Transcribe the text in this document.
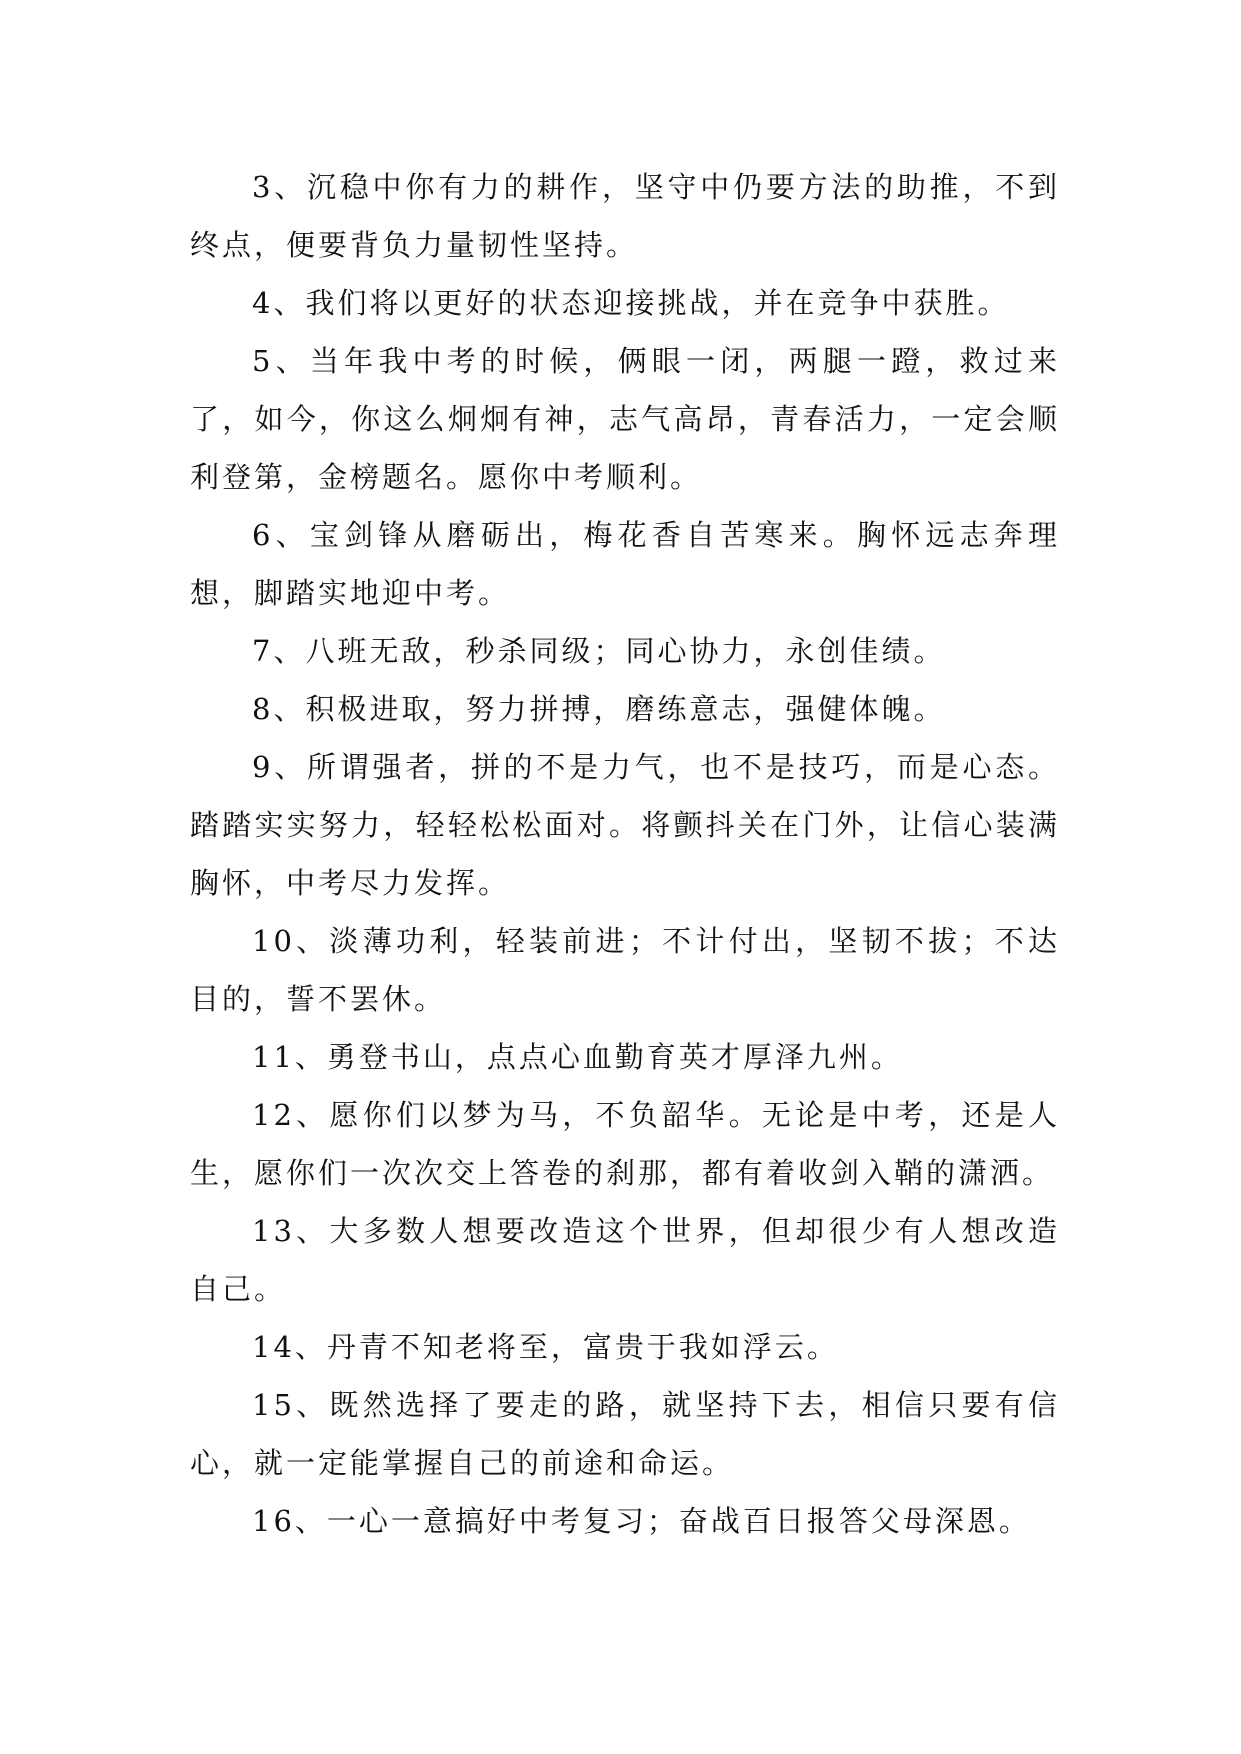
3、沉稳中你有力的耕作，坚守中仍要方法的助推，不到终点，便要背负力量韧性坚持。

4、我们将以更好的状态迎接挑战，并在竞争中获胜。

5、当年我中考的时候，俩眼一闭，两腿一蹬，救过来了，如今，你这么炯炯有神，志气高昂，青春活力，一定会顺利登第，金榜题名。愿你中考顺利。

6、宝剑锋从磨砺出，梅花香自苦寒来。胸怀远志奔理想，脚踏实地迎中考。

7、八班无敌，秒杀同级；同心协力，永创佳绩。

8、积极进取，努力拼搏，磨练意志，强健体魄。

9、所谓强者，拼的不是力气，也不是技巧，而是心态。踏踏实实努力，轻轻松松面对。将颤抖关在门外，让信心装满胸怀，中考尽力发挥。

10、淡薄功利，轻装前进；不计付出，坚韧不拔；不达目的，誓不罢休。

11、勇登书山，点点心血勤育英才厚泽九州。

12、愿你们以梦为马，不负韶华。无论是中考，还是人生，愿你们一次次交上答卷的刹那，都有着收剑入鞘的潇洒。

13、大多数人想要改造这个世界，但却很少有人想改造自己。

14、丹青不知老将至，富贵于我如浮云。

15、既然选择了要走的路，就坚持下去，相信只要有信心，就一定能掌握自己的前途和命运。

16、一心一意搞好中考复习；奋战百日报答父母深恩。
